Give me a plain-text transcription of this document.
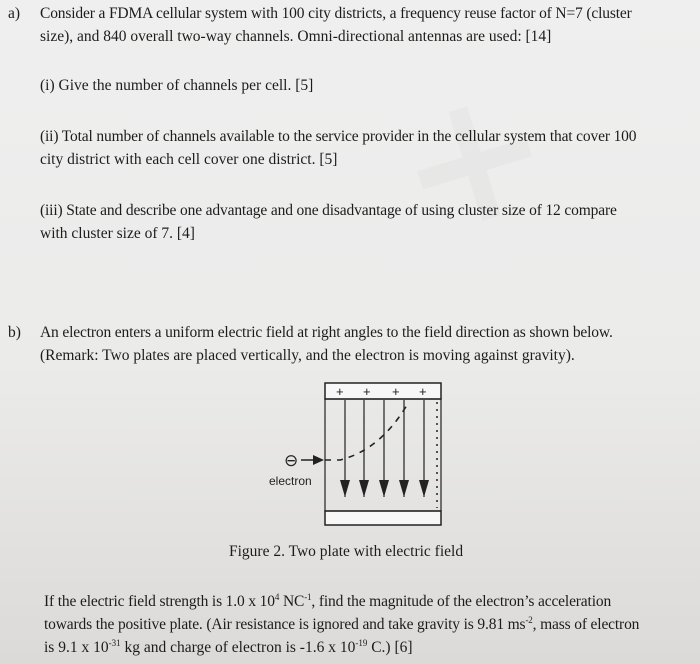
a) Consider a FDMA cellular system with 100 city districts, a frequency reuse factor of N=7 (cluster

size), and 840 overall two-way channels. Omni-directional antennas are used: [14]

(i) Give the number of channels per cell. [5]

(ii) Total number of channels available to the service provider in the cellular system that cover 100

city district with each cell cover one district. [5]

(iii) State and describe one advantage and one disadvantage of using cluster size of 12 compare

with cluster size of 7. [4]

b) An electron enters a uniform electric field at right angles to the field direction as shown below.

(Remark: Two plates are placed vertically, and the electron is moving against gravity).

+ + + +
⊖
electron

Figure 2. Two plate with electric field

If the electric field strength is 1.0 x $10^4$ $NC^{-1}$, find the magnitude of the electron’s acceleration

towards the positive plate. (Air resistance is ignored and take gravity is 9.81 $ms^{-2}$, mass of electron

is 9.1 x $10^{-31}$ kg and charge of electron is -1.6 x $10^{-19}$ C.) [6]
